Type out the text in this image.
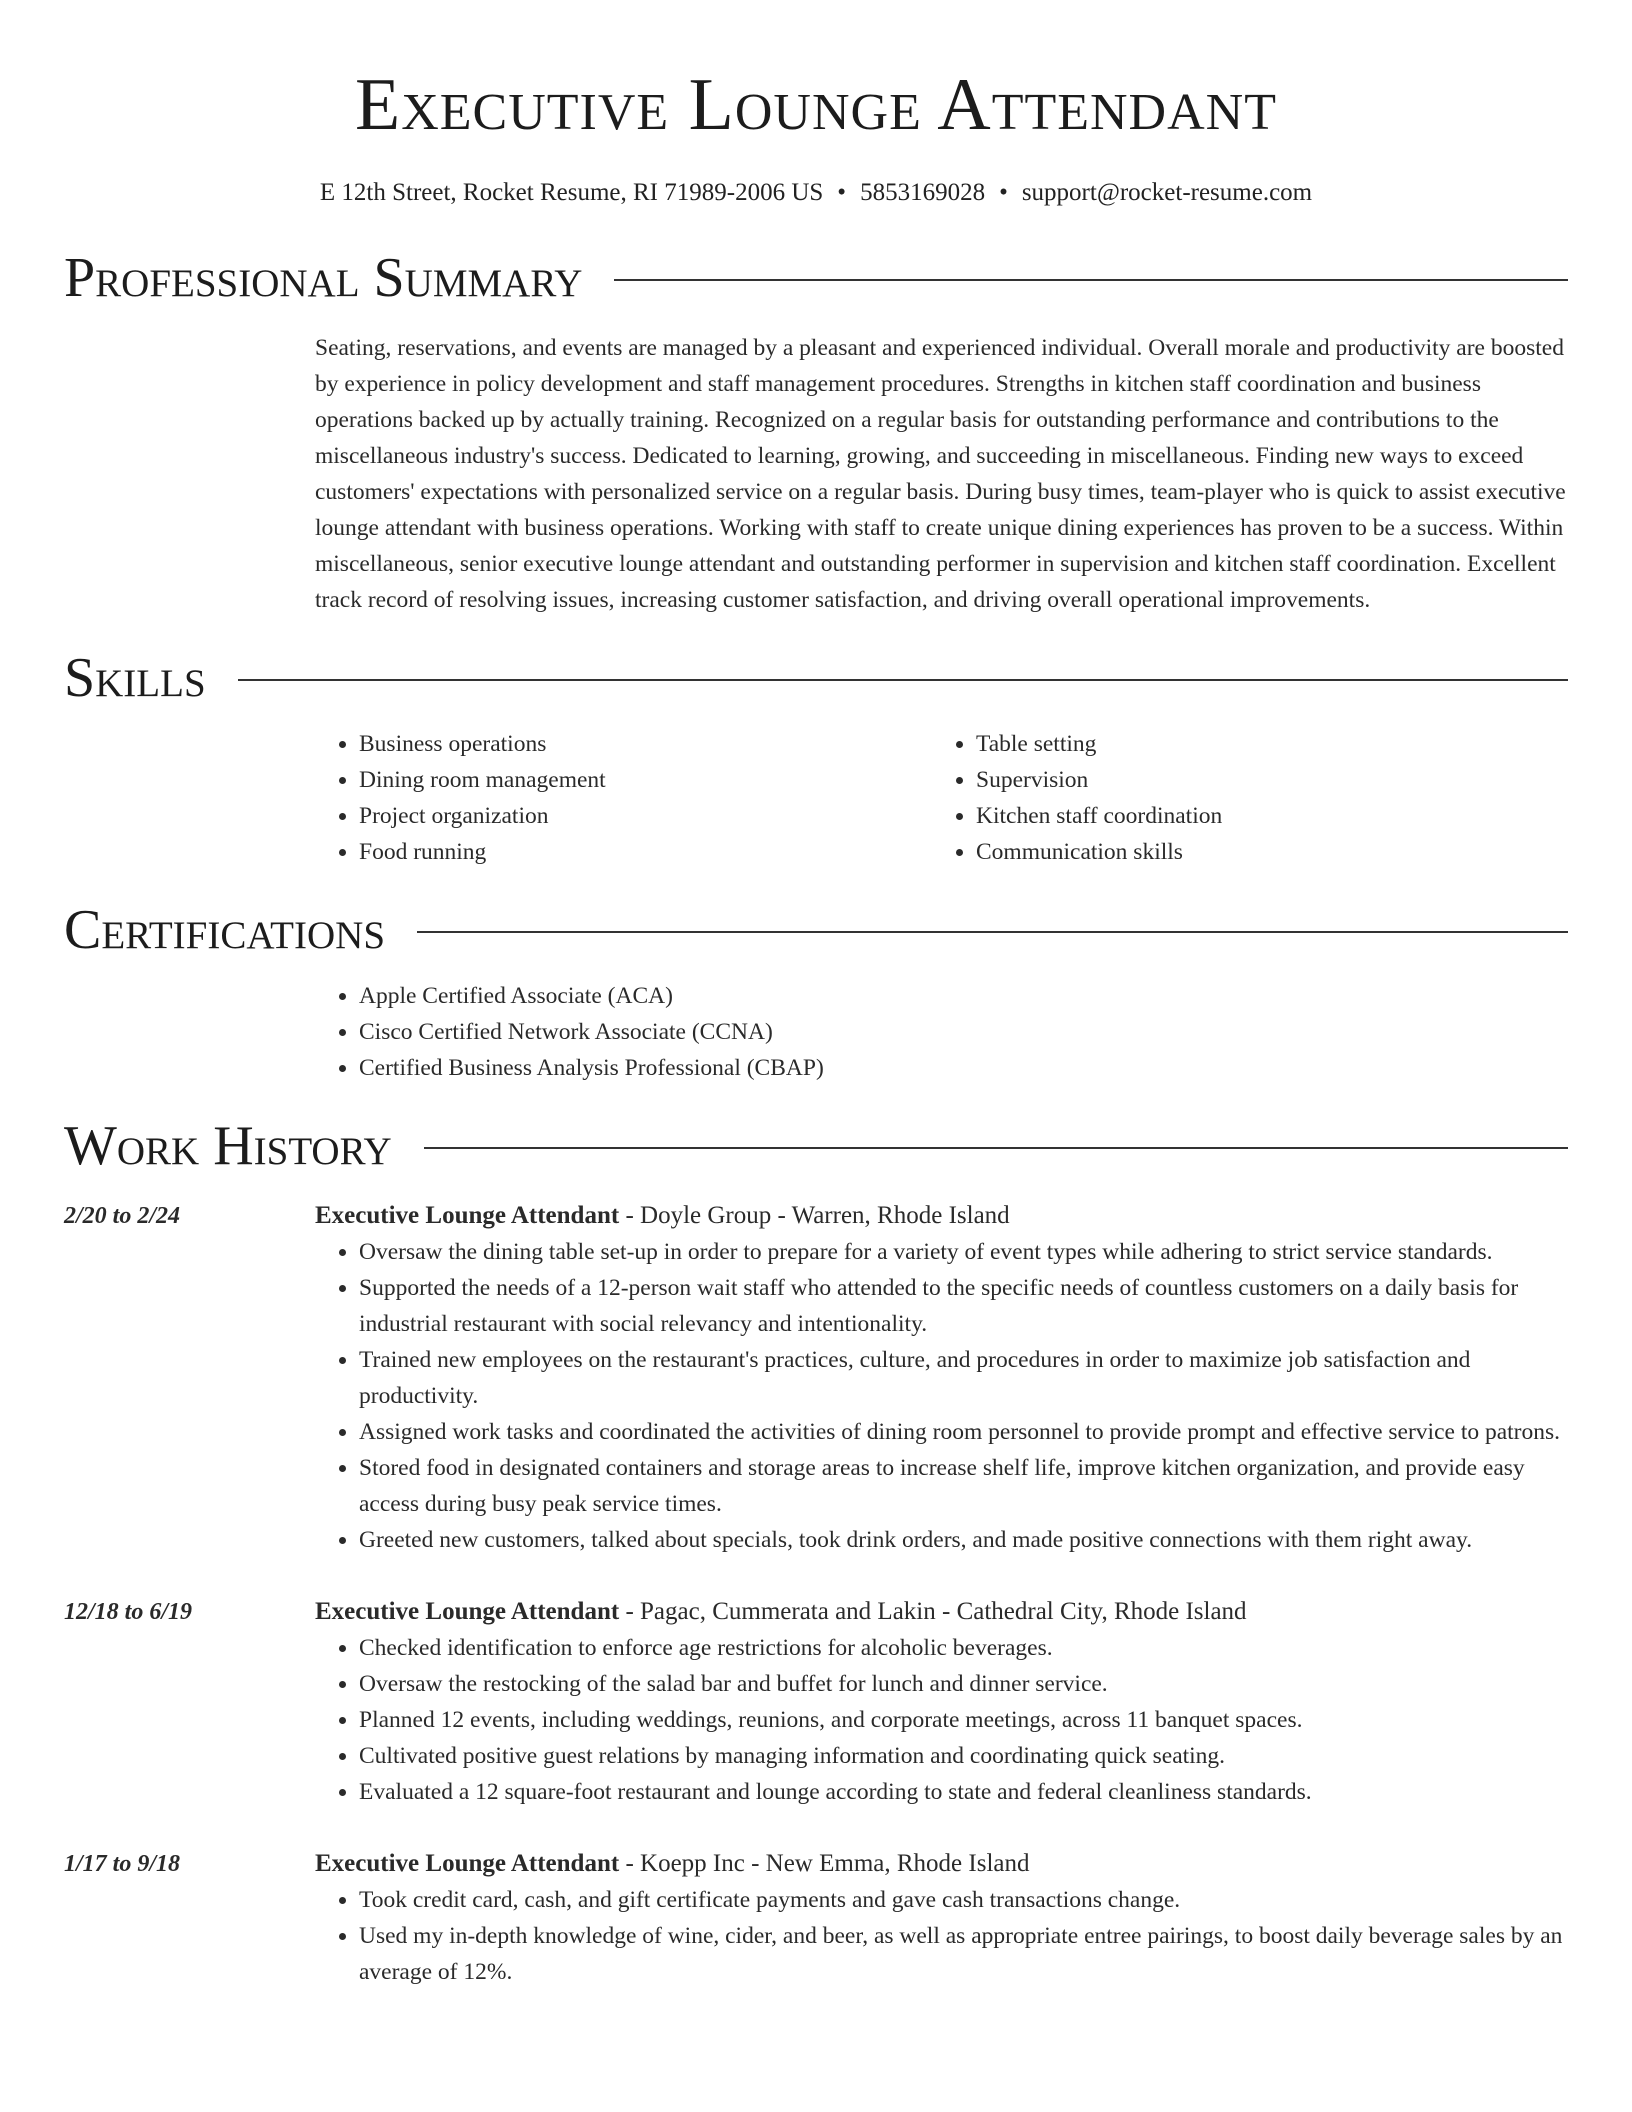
Executive Lounge Attendant
E 12th Street, Rocket Resume, RI 71989-2006 US • 5853169028 • support@rocket-resume.com
Professional Summary
Seating, reservations, and events are managed by a pleasant and experienced individual. Overall morale and productivity are boosted by experience in policy development and staff management procedures. Strengths in kitchen staff coordination and business operations backed up by actually training. Recognized on a regular basis for outstanding performance and contributions to the miscellaneous industry's success. Dedicated to learning, growing, and succeeding in miscellaneous. Finding new ways to exceed customers' expectations with personalized service on a regular basis. During busy times, team-player who is quick to assist executive lounge attendant with business operations. Working with staff to create unique dining experiences has proven to be a success. Within miscellaneous, senior executive lounge attendant and outstanding performer in supervision and kitchen staff coordination. Excellent track record of resolving issues, increasing customer satisfaction, and driving overall operational improvements.
Skills
• Business operations
• Dining room management
• Project organization
• Food running
• Table setting
• Supervision
• Kitchen staff coordination
• Communication skills
Certifications
• Apple Certified Associate (ACA)
• Cisco Certified Network Associate (CCNA)
• Certified Business Analysis Professional (CBAP)
Work History
2/20 to 2/24	Executive Lounge Attendant - Doyle Group - Warren, Rhode Island
• Oversaw the dining table set-up in order to prepare for a variety of event types while adhering to strict service standards.
• Supported the needs of a 12-person wait staff who attended to the specific needs of countless customers on a daily basis for industrial restaurant with social relevancy and intentionality.
• Trained new employees on the restaurant's practices, culture, and procedures in order to maximize job satisfaction and productivity.
• Assigned work tasks and coordinated the activities of dining room personnel to provide prompt and effective service to patrons.
• Stored food in designated containers and storage areas to increase shelf life, improve kitchen organization, and provide easy access during busy peak service times.
• Greeted new customers, talked about specials, took drink orders, and made positive connections with them right away.
12/18 to 6/19	Executive Lounge Attendant - Pagac, Cummerata and Lakin - Cathedral City, Rhode Island
• Checked identification to enforce age restrictions for alcoholic beverages.
• Oversaw the restocking of the salad bar and buffet for lunch and dinner service.
• Planned 12 events, including weddings, reunions, and corporate meetings, across 11 banquet spaces.
• Cultivated positive guest relations by managing information and coordinating quick seating.
• Evaluated a 12 square-foot restaurant and lounge according to state and federal cleanliness standards.
1/17 to 9/18	Executive Lounge Attendant - Koepp Inc - New Emma, Rhode Island
• Took credit card, cash, and gift certificate payments and gave cash transactions change.
• Used my in-depth knowledge of wine, cider, and beer, as well as appropriate entree pairings, to boost daily beverage sales by an average of 12%.
